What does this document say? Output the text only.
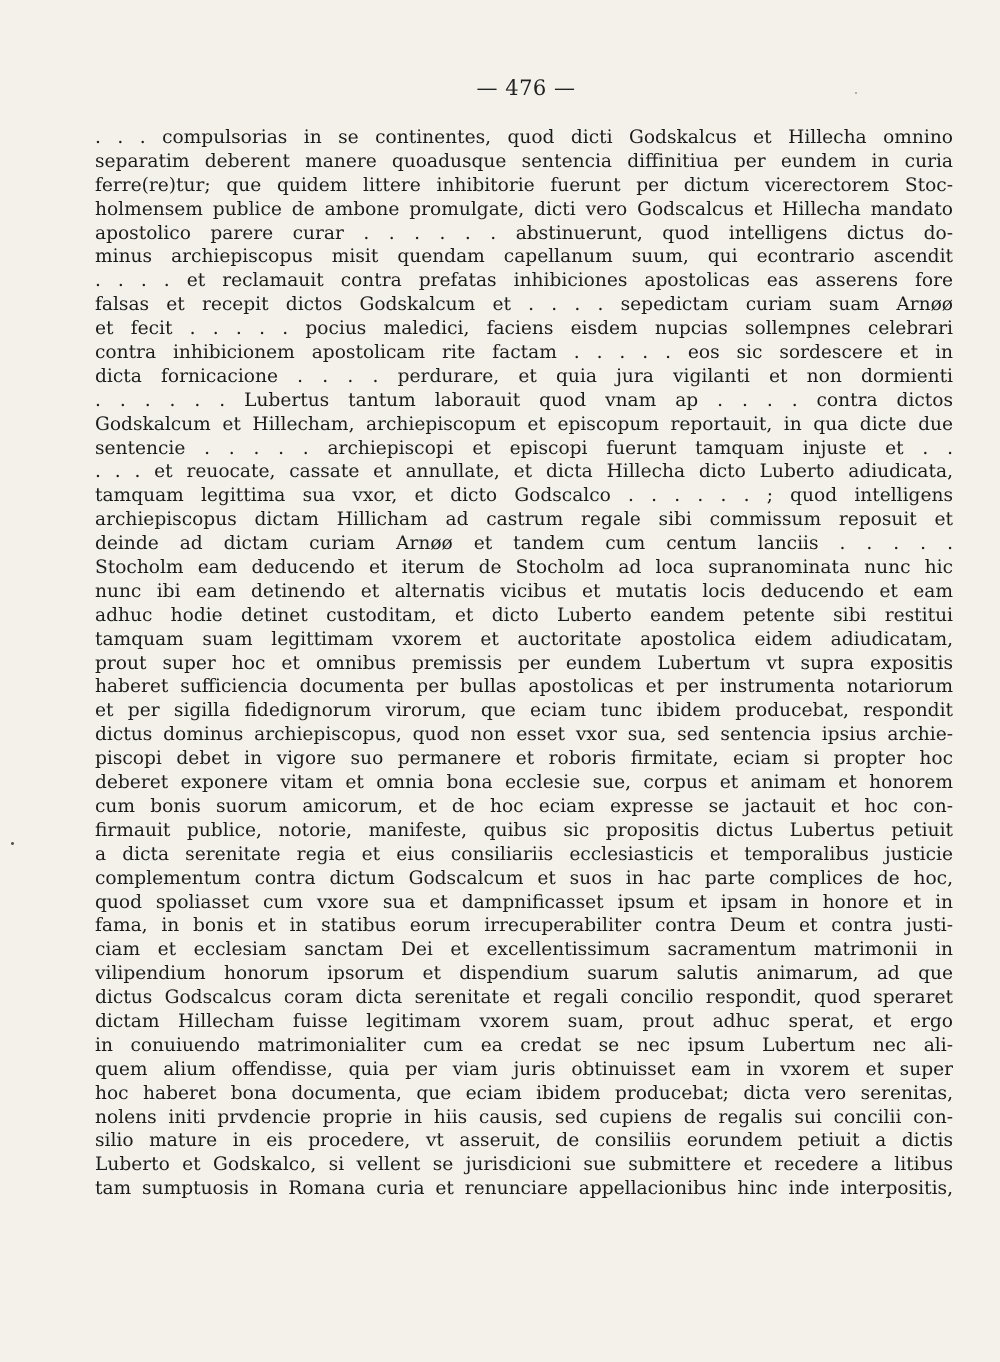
— 476 —
. . . compulsorias in se continentes, quod dicti Godskalcus et Hillecha omnino
separatim deberent manere quoadusque sentencia diffinitiua per eundem in curia
ferre(re)tur; que quidem littere inhibitorie fuerunt per dictum vicerectorem Stoc-
holmensem publice de ambone promulgate, dicti vero Godscalcus et Hillecha mandato
apostolico parere curar . . . . . . abstinuerunt, quod intelligens dictus do-
minus archiepiscopus misit quendam capellanum suum, qui econtrario ascendit
. . . . et reclamauit contra prefatas inhibiciones apostolicas eas asserens fore
falsas et recepit dictos Godskalcum et . . . . sepedictam curiam suam Arnøø
et fecit . . . . . pocius maledici, faciens eisdem nupcias sollempnes celebrari
contra inhibicionem apostolicam rite factam . . . . . eos sic sordescere et in
dicta fornicacione . . . . perdurare, et quia jura vigilanti et non dormienti
. . . . . . Lubertus tantum laborauit quod vnam ap . . . . contra dictos
Godskalcum et Hillecham, archiepiscopum et episcopum reportauit, in qua dicte due
sentencie . . . . . archiepiscopi et episcopi fuerunt tamquam injuste et . .
. . . et reuocate, cassate et annullate, et dicta Hillecha dicto Luberto adiudicata,
tamquam legittima sua vxor, et dicto Godscalco . . . . . . ; quod intelligens
archiepiscopus dictam Hillicham ad castrum regale sibi commissum reposuit et
deinde ad dictam curiam Arnøø et tandem cum centum lanciis . . . . .
Stocholm eam deducendo et iterum de Stocholm ad loca supranominata nunc hic
nunc ibi eam detinendo et alternatis vicibus et mutatis locis deducendo et eam
adhuc hodie detinet custoditam, et dicto Luberto eandem petente sibi restitui
tamquam suam legittimam vxorem et auctoritate apostolica eidem adiudicatam,
prout super hoc et omnibus premissis per eundem Lubertum vt supra expositis
haberet sufficiencia documenta per bullas apostolicas et per instrumenta notariorum
et per sigilla fidedignorum virorum, que eciam tunc ibidem producebat, respondit
dictus dominus archiepiscopus, quod non esset vxor sua, sed sentencia ipsius archie-
piscopi debet in vigore suo permanere et roboris firmitate, eciam si propter hoc
deberet exponere vitam et omnia bona ecclesie sue, corpus et animam et honorem
cum bonis suorum amicorum, et de hoc eciam expresse se jactauit et hoc con-
firmauit publice, notorie, manifeste, quibus sic propositis dictus Lubertus petiuit
a dicta serenitate regia et eius consiliariis ecclesiasticis et temporalibus justicie
complementum contra dictum Godscalcum et suos in hac parte complices de hoc,
quod spoliasset cum vxore sua et dampnificasset ipsum et ipsam in honore et in
fama, in bonis et in statibus eorum irrecuperabiliter contra Deum et contra justi-
ciam et ecclesiam sanctam Dei et excellentissimum sacramentum matrimonii in
vilipendium honorum ipsorum et dispendium suarum salutis animarum, ad que
dictus Godscalcus coram dicta serenitate et regali concilio respondit, quod speraret
dictam Hillecham fuisse legitimam vxorem suam, prout adhuc sperat, et ergo
in conuiuendo matrimonialiter cum ea credat se nec ipsum Lubertum nec ali-
quem alium offendisse, quia per viam juris obtinuisset eam in vxorem et super
hoc haberet bona documenta, que eciam ibidem producebat; dicta vero serenitas,
nolens initi prvdencie proprie in hiis causis, sed cupiens de regalis sui concilii con-
silio mature in eis procedere, vt asseruit, de consiliis eorundem petiuit a dictis
Luberto et Godskalco, si vellent se jurisdicioni sue submittere et recedere a litibus
tam sumptuosis in Romana curia et renunciare appellacionibus hinc inde interpositis,
